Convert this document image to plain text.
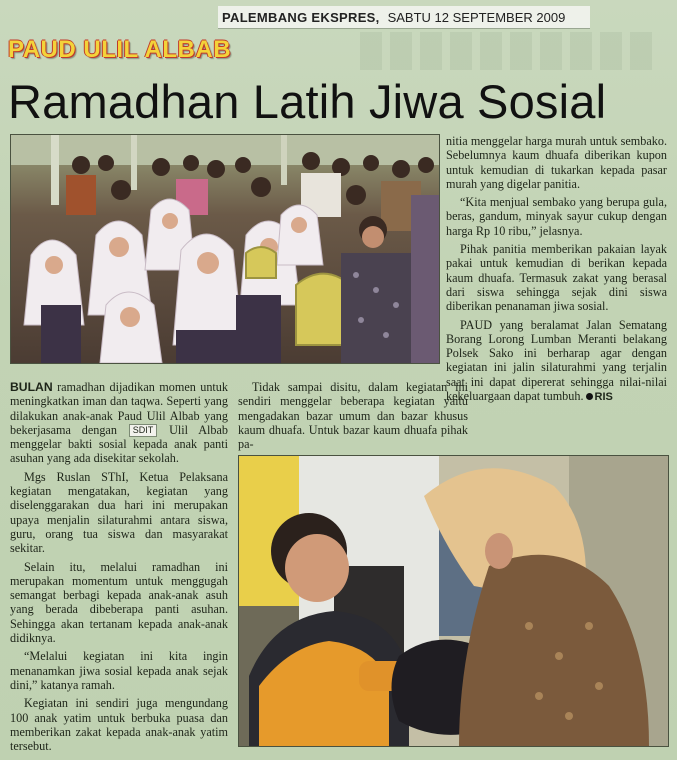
PALEMBANG EKSPRES, SABTU 12 SEPTEMBER 2009
PAUD ULIL ALBAB
Ramadhan Latih Jiwa Sosial

BULAN ramadhan dijadikan momen untuk meningkatkan iman dan taqwa. Seperti yang dilakukan anak-anak Paud Ulil Albab yang bekerjasama dengan SDIT Ulil Albab menggelar bakti sosial kepada anak panti asuhan yang ada disekitar sekolah.

Mgs Ruslan SThI, Ketua Pelaksana kegiatan mengatakan, kegiatan yang diselenggarakan dua hari ini merupakan upaya menjalin silaturahmi antara siswa, guru, orang tua siswa dan masyarakat sekitar.

Selain itu, melalui ramadhan ini merupakan momentum untuk menggugah semangat berbagi kepada anak-anak asuh yang berada dibeberapa panti asuhan. Sehingga akan tertanam kepada anak-anak didiknya.

“Melalui kegiatan ini kita ingin menanamkan jiwa sosial kepada anak sejak dini,” katanya ramah.

Kegiatan ini sendiri juga mengundang 100 anak yatim untuk berbuka puasa dan memberikan zakat kepada anak-anak yatim tersebut.

Tidak sampai disitu, dalam kegiatan ini sendiri menggelar beberapa kegiatan yaitu mengadakan bazar umum dan bazar khusus kaum dhuafa. Untuk bazar kaum dhuafa pihak pa-

nitia menggelar harga murah untuk sembako. Sebelumnya kaum dhuafa diberikan kupon untuk kemudian di tukarkan kepada pasar murah yang digelar panitia.

“Kita menjual sembako yang berupa gula, beras, gandum, minyak sayur cukup dengan harga Rp 10 ribu,” jelasnya.

Pihak panitia memberikan pakaian layak pakai untuk kemudian di berikan kepada kaum dhuafa. Termasuk zakat yang berasal dari siswa sehingga sejak dini siswa diberikan penanaman jiwa sosial.

PAUD yang beralamat Jalan Sematang Borang Lorong Lumban Meranti belakang Polsek Sako ini berharap agar dengan kegiatan ini jalin silaturahmi yang terjalin saat ini dapat dipererat sehingga nilai-nilai kekeluargaan dapat tumbuh. RIS
